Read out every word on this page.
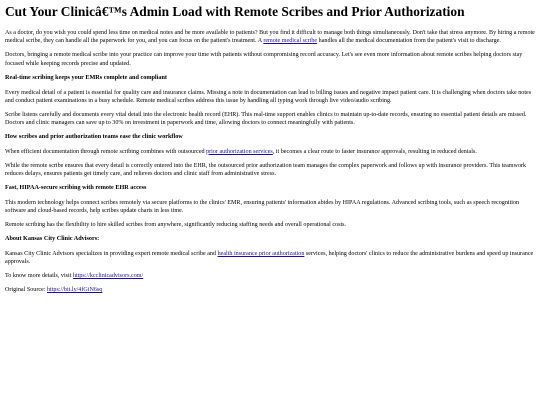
Cut Your Clinicâ€™s Admin Load with Remote Scribes and Prior Authorization

As a doctor, do you wish you could spend less time on medical notes and be more available to patients? But you find it difficult to manage both things simultaneously. Don't take that stress anymore. By hiring a remote medical scribe, they can handle all the paperwork for you, and you can focus on the patient's treatment. A remote medical scribe handles all the medical documentation from the patient's visit to discharge.

Doctors, bringing a remote medical scribe into your practice can improve your time with patients without compromising record accuracy. Let's see even more information about remote scribes helping doctors stay focused while keeping records precise and updated.

Real-time scribing keeps your EMRs complete and compliant

Every medical detail of a patient is essential for quality care and insurance claims. Missing a note in documentation can lead to billing issues and negative impact patient care. It is challenging when doctors take notes and conduct patient examinations in a busy schedule. Remote medical scribes address this issue by handling all typing work through live video/audio scribing.

Scribe listens carefully and documents every vital detail into the electronic health record (EHR). This real-time support enables clinics to maintain up-to-date records, ensuring no essential patient details are missed. Doctors and clinic managers can save up to 30% on investment in paperwork and time, allowing doctors to connect meaningfully with patients.

How scribes and prior authorization teams ease the clinic workflow

When efficient documentation through remote scribing combines with outsourced prior authorization services, it becomes a clear route to faster insurance approvals, resulting in reduced denials.

While the remote scribe ensures that every detail is correctly entered into the EHR, the outsourced prior authorization team manages the complex paperwork and follows up with insurance providers. This teamwork reduces delays, ensures patients get timely care, and relieves doctors and clinic staff from administrative stress.

Fast, HIPAA-secure scribing with remote EHR access

This modern technology helps connect scribes remotely via secure platforms to the clinics' EMR, ensuring patients' information abides by HIPAA regulations. Advanced scribing tools, such as speech recognition software and cloud-based records, help scribes update charts in less time.

Remote scribing has the flexibility to hire skilled scribes from anywhere, significantly reducing staffing needs and overall operational costs.

About Kansas City Clinic Advisors:

Kansas City Clinic Advisors specializes in providing expert remote medical scribe and health insurance prior authorization services, helping doctors' clinics to reduce the administrative burdens and speed up insurance approvals.

To know more details, visit https://kcclinicadvisors.com/

Original Source: https://bit.ly/4fGiN6sq
